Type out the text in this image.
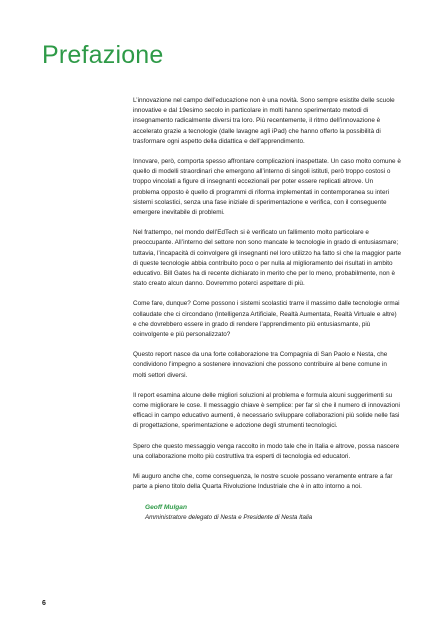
Prefazione

L’innovazione nel campo dell’educazione non è una novità. Sono sempre esistite delle scuole innovative e dal 19esimo secolo in particolare in molti hanno sperimentato metodi di insegnamento radicalmente diversi tra loro. Più recentemente, il ritmo dell’innovazione è accelerato grazie a tecnologie (dalle lavagne agli iPad) che hanno offerto la possibilità di trasformare ogni aspetto della didattica e dell’apprendimento.

Innovare, però, comporta spesso affrontare complicazioni inaspettate. Un caso molto comune è quello di modelli straordinari che emergono all’interno di singoli istituti, però troppo costosi o troppo vincolati a figure di insegnanti eccezionali per poter essere replicati altrove. Un problema opposto è quello di programmi di riforma implementati in contemporanea su interi sistemi scolastici, senza una fase iniziale di sperimentazione e verifica, con il conseguente emergere inevitabile di problemi.

Nel frattempo, nel mondo dell’EdTech si è verificato un fallimento molto particolare e preoccupante. All’interno del settore non sono mancate le tecnologie in grado di entusiasmare; tuttavia, l’incapacità di coinvolgere gli insegnanti nel loro utilizzo ha fatto sì che la maggior parte di queste tecnologie abbia contribuito poco o per nulla al miglioramento dei risultati in ambito educativo. Bill Gates ha di recente dichiarato in merito che per lo meno, probabilmente, non è stato creato alcun danno. Dovremmo poterci aspettare di più.

Come fare, dunque? Come possono i sistemi scolastici trarre il massimo dalle tecnologie ormai collaudate che ci circondano (Intelligenza Artificiale, Realtà Aumentata, Realtà Virtuale e altre) e che dovrebbero essere in grado di rendere l’apprendimento più entusiasmante, più coinvolgente e più personalizzato?

Questo report nasce da una forte collaborazione tra Compagnia di San Paolo e Nesta, che condividono l’impegno a sostenere innovazioni che possono contribuire al bene comune in molti settori diversi.

Il report esamina alcune delle migliori soluzioni al problema e formula alcuni suggerimenti su come migliorare le cose. Il messaggio chiave è semplice: per far sì che il numero di innovazioni efficaci in campo educativo aumenti, è necessario sviluppare collaborazioni più solide nelle fasi di progettazione, sperimentazione e adozione degli strumenti tecnologici.

Spero che questo messaggio venga raccolto in modo tale che in Italia e altrove, possa nascere una collaborazione molto più costruttiva tra esperti di tecnologia ed educatori.

Mi auguro anche che, come conseguenza, le nostre scuole possano veramente entrare a far parte a pieno titolo della Quarta Rivoluzione Industriale che è in atto intorno a noi.

Geoff Mulgan
Amministratore delegato di Nesta e Presidente di Nesta Italia
6
